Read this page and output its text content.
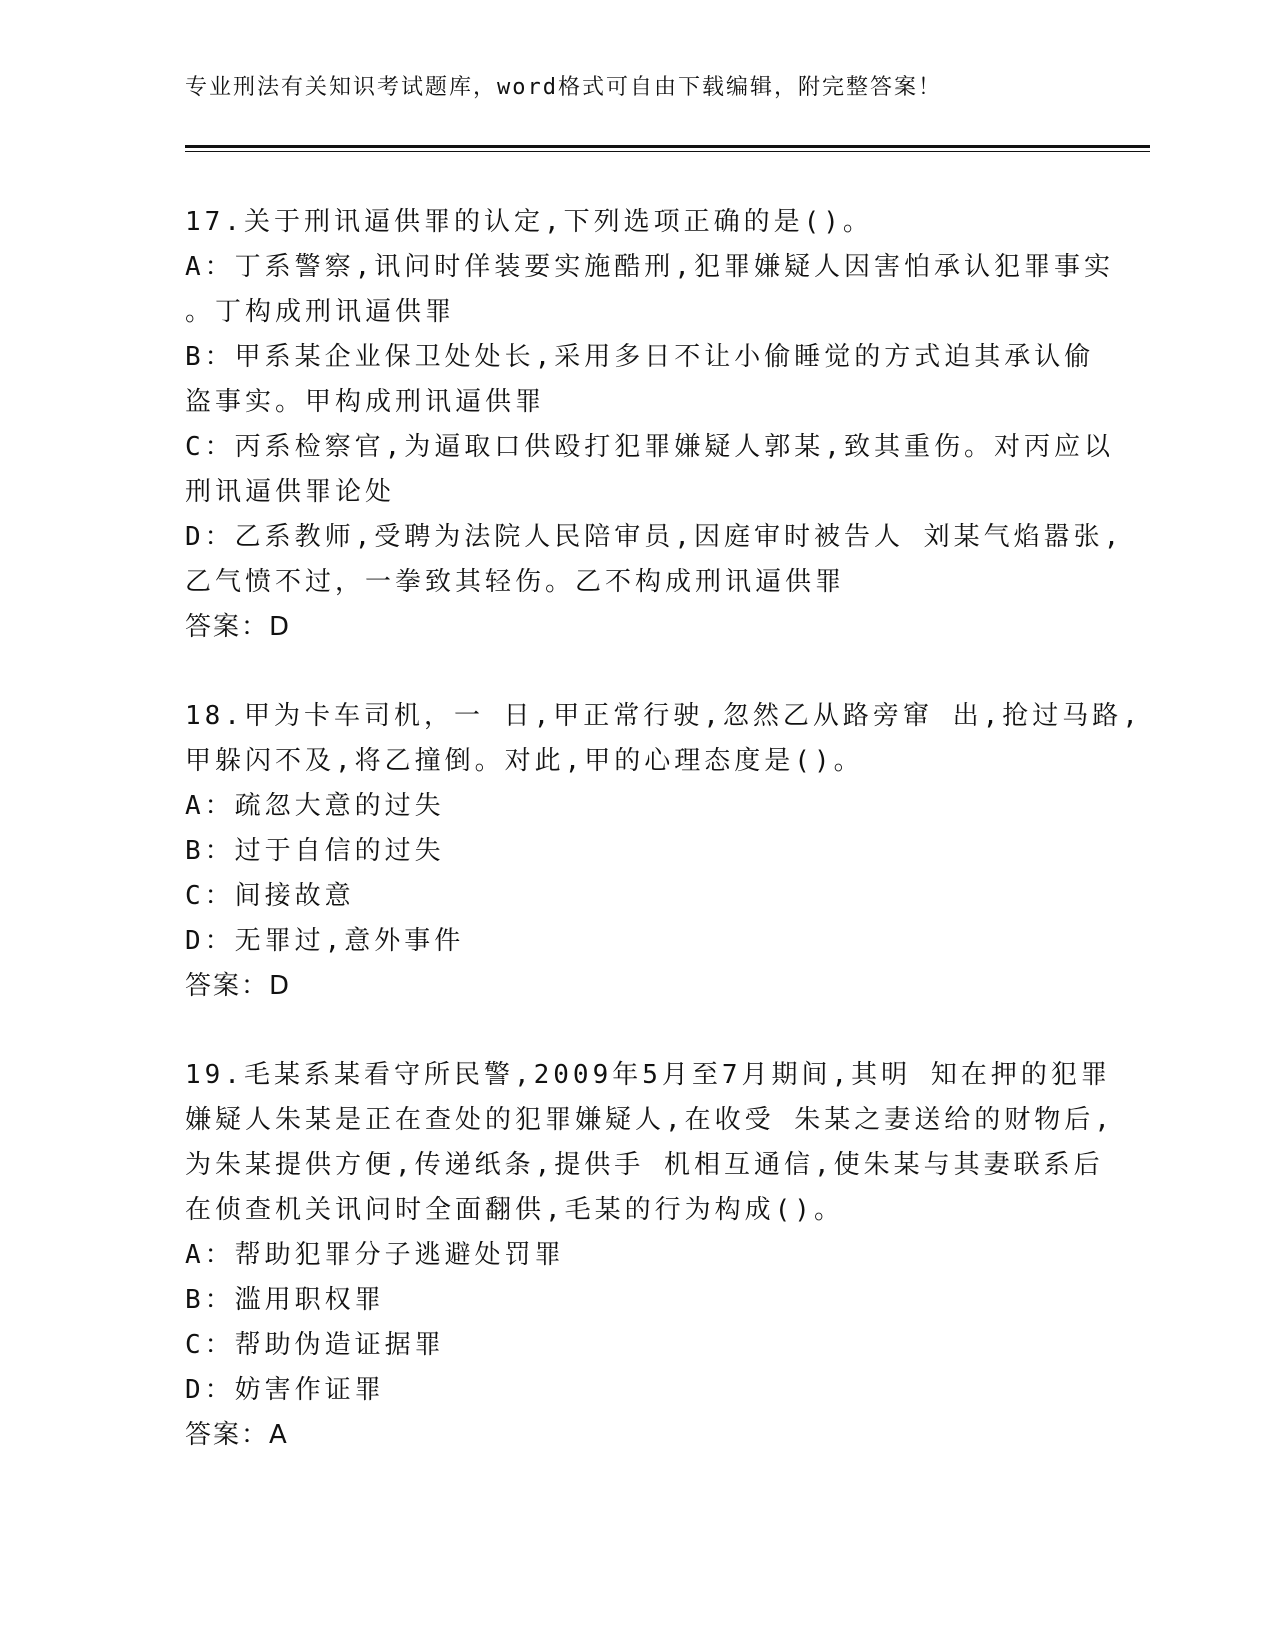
专业刑法有关知识考试题库，word格式可自由下载编辑，附完整答案！
17.关于刑讯逼供罪的认定,下列选项正确的是()。
A：丁系警察,讯问时佯装要实施酷刑,犯罪嫌疑人因害怕承认犯罪事实
。丁构成刑讯逼供罪
B：甲系某企业保卫处处长,采用多日不让小偷睡觉的方式迫其承认偷
盗事实。甲构成刑讯逼供罪
C：丙系检察官,为逼取口供殴打犯罪嫌疑人郭某,致其重伤。对丙应以
刑讯逼供罪论处
D：乙系教师,受聘为法院人民陪审员,因庭审时被告人 刘某气焰嚣张,
乙气愤不过，一拳致其轻伤。乙不构成刑讯逼供罪
答案：D
18.甲为卡车司机，一 日,甲正常行驶,忽然乙从路旁窜 出,抢过马路,
甲躲闪不及,将乙撞倒。对此,甲的心理态度是()。
A：疏忽大意的过失
B：过于自信的过失
C：间接故意
D：无罪过,意外事件
答案：D
19.毛某系某看守所民警,2009年5月至7月期间,其明 知在押的犯罪
嫌疑人朱某是正在查处的犯罪嫌疑人,在收受 朱某之妻送给的财物后,
为朱某提供方便,传递纸条,提供手 机相互通信,使朱某与其妻联系后
在侦查机关讯问时全面翻供,毛某的行为构成()。
A：帮助犯罪分子逃避处罚罪
B：滥用职权罪
C：帮助伪造证据罪
D：妨害作证罪
答案：A
